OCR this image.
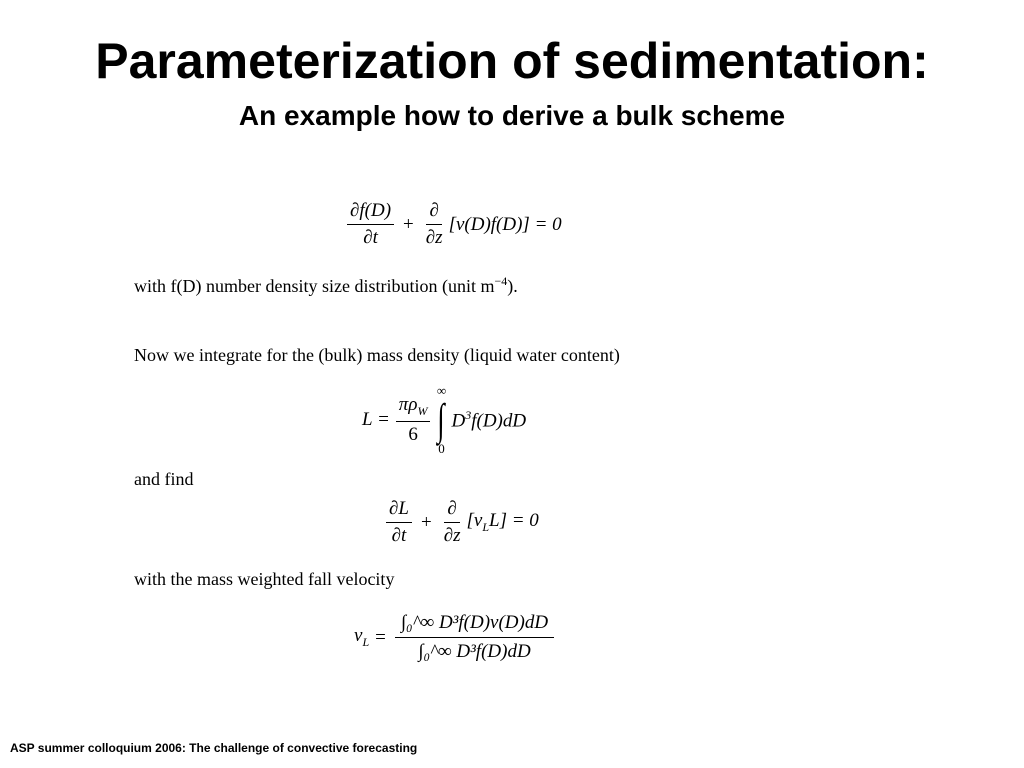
Parameterization of sedimentation:
An example how to derive a bulk scheme
$\frac{\partial f(D)}{\partial t} + \frac{\partial}{\partial z} [v(D)f(D)] = 0$
with f(D) number density size distribution (unit $m^{-4}$).
Now we integrate for the (bulk) mass density (liquid water content)
$L = \frac{\pi\rho_W}{6}$
∞
∫
0
$D^3f(D)dD$
and find
$\frac{\partial L}{\partial t} + \frac{\partial}{\partial z} [v_LL] = 0$
with the mass weighted fall velocity
$v_L = \frac{\text{∫₀\textasciicircum{}∞ D³f(D)v(D)dD}}{\text{∫₀\textasciicircum{}∞ D³f(D)dD}}$
ASP summer colloquium 2006: The challenge of convective forecasting
